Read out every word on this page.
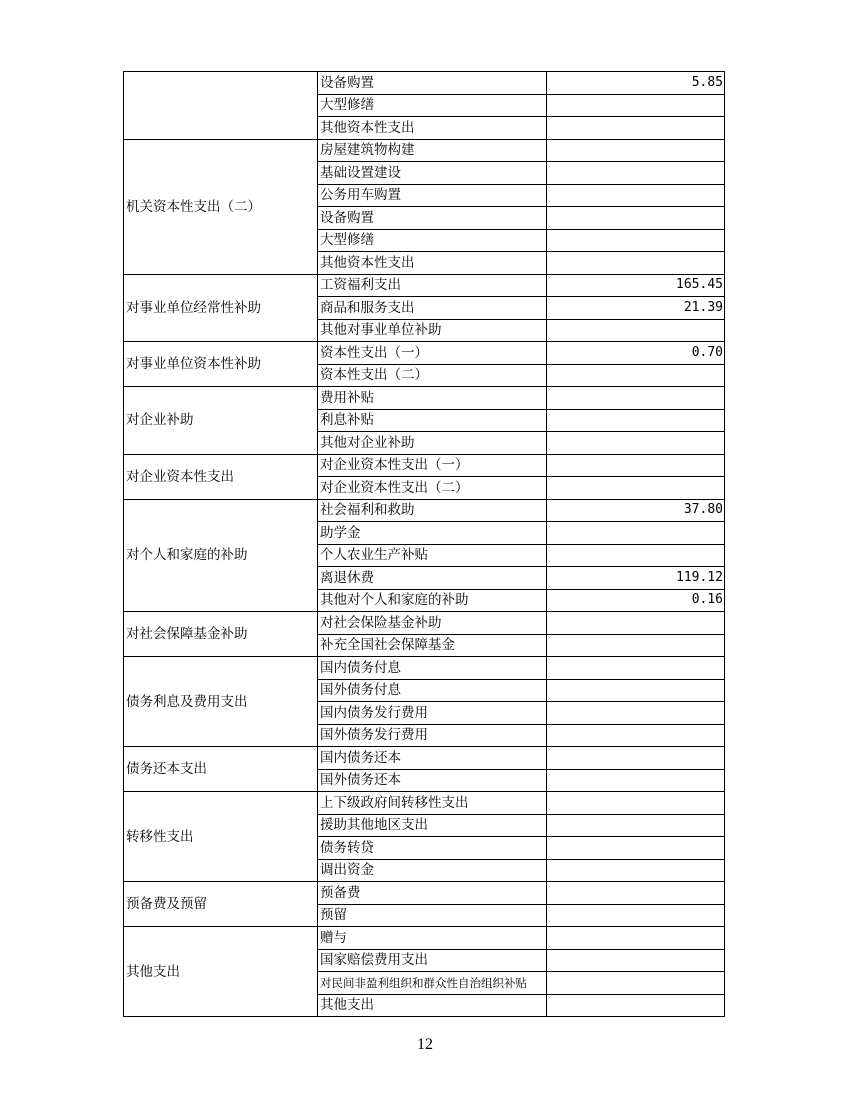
	设备购置	5.85
	大型修缮	
	其他资本性支出	
机关资本性支出（二）	房屋建筑物构建	
	基础设置建设	
	公务用车购置	
	设备购置	
	大型修缮	
	其他资本性支出	
对事业单位经常性补助	工资福利支出	165.45
	商品和服务支出	21.39
	其他对事业单位补助	
对事业单位资本性补助	资本性支出（一）	0.70
	资本性支出（二）	
对企业补助	费用补贴	
	利息补贴	
	其他对企业补助	
对企业资本性支出	对企业资本性支出（一）	
	对企业资本性支出（二）	
对个人和家庭的补助	社会福利和救助	37.80
	助学金	
	个人农业生产补贴	
	离退休费	119.12
	其他对个人和家庭的补助	0.16
对社会保障基金补助	对社会保险基金补助	
	补充全国社会保障基金	
债务利息及费用支出	国内债务付息	
	国外债务付息	
	国内债务发行费用	
	国外债务发行费用	
债务还本支出	国内债务还本	
	国外债务还本	
转移性支出	上下级政府间转移性支出	
	援助其他地区支出	
	债务转贷	
	调出资金	
预备费及预留	预备费	
	预留	
其他支出	赠与	
	国家赔偿费用支出	
	对民间非盈利组织和群众性自治组织补贴	
	其他支出	
12
